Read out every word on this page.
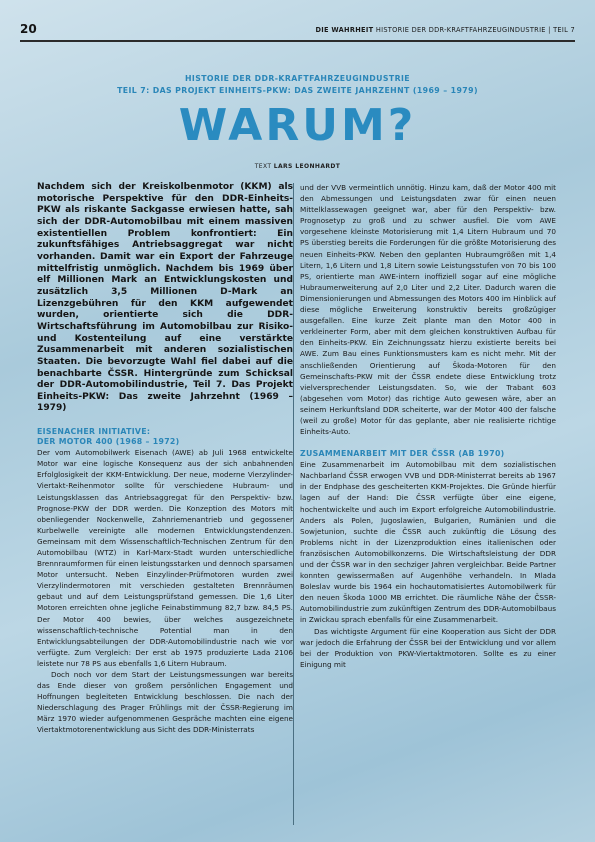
20	DIE WAHRHEIT HISTORIE DER DDR-KRAFTFAHRZEUGINDUSTRIE | TEIL 7
HISTORIE DER DDR-KRAFTFAHRZEUGINDUSTRIE
TEIL 7: DAS PROJEKT EINHEITS-PKW: DAS ZWEITE JAHRZEHNT (1969 – 1979)
WARUM?
TEXT LARS LEONHARDT

Nachdem sich der Kreiskolbenmotor (KKM) als motorische Perspektive für den DDR-Einheits-PKW als riskante Sackgasse erwiesen hatte, sah sich der DDR-Automobilbau mit einem massiven existentiellen Problem konfrontiert: Ein zukunftsfähiges Antriebsaggregat war nicht vorhanden. Damit war ein Export der Fahrzeuge mittelfristig unmöglich. Nachdem bis 1969 über elf Millionen Mark an Entwicklungskosten und zusätzlich 3,5 Millionen D-Mark an Lizenzgebühren für den KKM aufgewendet wurden, orientierte sich die DDR-Wirtschaftsführung im Automobilbau zur Risiko- und Kostenteilung auf eine verstärkte Zusammenarbeit mit anderen sozialistischen Staaten. Die bevorzugte Wahl fiel dabei auf die benachbarte ČSSR. Hintergründe zum Schicksal der DDR-Automobilindustrie, Teil 7. Das Projekt Einheits-PKW: Das zweite Jahrzehnt (1969 – 1979)

EISENACHER INITIATIVE:
DER MOTOR 400 (1968 – 1972)

Der vom Automobilwerk Eisenach (AWE) ab Juli 1968 entwickelte Motor war eine logische Konsequenz aus der sich anbahnenden Erfolglosigkeit der KKM-Entwicklung. Der neue, moderne Vierzylinder-Viertakt-Reihenmotor sollte für verschiedene Hubraum- und Leistungsklassen das Antriebsaggregat für den Perspektiv- bzw. Prognose-PKW der DDR werden. Die Konzeption des Motors mit obenliegender Nockenwelle, Zahnriemenantrieb und gegossener Kurbelwelle vereinigte alle modernen Entwicklungstendenzen. Gemeinsam mit dem Wissenschaftlich-Technischen Zentrum für den Automobilbau (WTZ) in Karl-Marx-Stadt wurden unterschiedliche Brennraumformen für einen leistungsstarken und dennoch sparsamen Motor untersucht. Neben Einzylinder-Prüfmotoren wurden zwei Vierzylindermotoren mit verschieden gestalteten Brennräumen gebaut und auf dem Leistungsprüfstand gemessen. Die 1,6 Liter Motoren erreichten ohne jegliche Feinabstimmung 82,7 bzw. 84,5 PS. Der Motor 400 bewies, über welches ausgezeichnete wissenschaftlich-technische Potential man in den Entwicklungsabteilungen der DDR-Automobilindustrie nach wie vor verfügte. Zum Vergleich: Der erst ab 1975 produzierte Lada 2106 leistete nur 78 PS aus ebenfalls 1,6 Litern Hubraum.

Doch noch vor dem Start der Leistungsmessungen war bereits das Ende dieser von großem persönlichen Engagement und Hoffnungen begleiteten Entwicklung beschlossen. Die nach der Niederschlagung des Prager Frühlings mit der ČSSR-Regierung im März 1970 wieder aufgenommenen Gespräche machten eine eigene Viertaktmotorenentwicklung aus Sicht des DDR-Ministerrats

und der VVB vermeintlich unnötig. Hinzu kam, daß der Motor 400 mit den Abmessungen und Leistungsdaten zwar für einen neuen Mittelklassewagen geeignet war, aber für den Perspektiv- bzw. Prognosetyp zu groß und zu schwer ausfiel. Die vom AWE vorgesehene kleinste Motorisierung mit 1,4 Litern Hubraum und 70 PS überstieg bereits die Forderungen für die größte Motorisierung des neuen Einheits-PKW. Neben den geplanten Hubraumgrößen mit 1,4 Litern, 1,6 Litern und 1,8 Litern sowie Leistungsstufen von 70 bis 100 PS, orientierte man AWE-intern inoffiziell sogar auf eine mögliche Hubraumerweiterung auf 2,0 Liter und 2,2 Liter. Dadurch waren die Dimensionierungen und Abmessungen des Motors 400 im Hinblick auf diese mögliche Erweiterung konstruktiv bereits großzügiger ausgefallen. Eine kurze Zeit plante man den Motor 400 in verkleinerter Form, aber mit dem gleichen konstruktiven Aufbau für den Einheits-PKW. Ein Zeichnungssatz hierzu existierte bereits bei AWE. Zum Bau eines Funktionsmusters kam es nicht mehr. Mit der anschließenden Orientierung auf Škoda-Motoren für den Gemeinschafts-PKW mit der ČSSR endete diese Entwicklung trotz vielversprechender Leistungsdaten. So, wie der Trabant 603 (abgesehen vom Motor) das richtige Auto gewesen wäre, aber an seinem Herkunftsland DDR scheiterte, war der Motor 400 der falsche (weil zu große) Motor für das geplante, aber nie realisierte richtige Einheits-Auto.

ZUSAMMENARBEIT MIT DER ČSSR (AB 1970)

Eine Zusammenarbeit im Automobilbau mit dem sozialistischen Nachbarland ČSSR erwogen VVB und DDR-Ministerrat bereits ab 1967 in der Endphase des gescheiterten KKM-Projektes. Die Gründe hierfür lagen auf der Hand: Die ČSSR verfügte über eine eigene, hochentwickelte und auch im Export erfolgreiche Automobilindustrie. Anders als Polen, Jugoslawien, Bulgarien, Rumänien und die Sowjetunion, suchte die ČSSR auch zukünftig die Lösung des Problems nicht in der Lizenzproduktion eines italienischen oder französischen Automobilkonzerns. Die Wirtschaftsleistung der DDR und der ČSSR war in den sechziger Jahren vergleichbar. Beide Partner konnten gewissermaßen auf Augenhöhe verhandeln. In Mlada Boleslav wurde bis 1964 ein hochautomatisiertes Automobilwerk für den neuen Škoda 1000 MB errichtet. Die räumliche Nähe der ČSSR-Automobilindustrie zum zukünftigen Zentrum des DDR-Automobilbaus in Zwickau sprach ebenfalls für eine Zusammenarbeit.

Das wichtigste Argument für eine Kooperation aus Sicht der DDR war jedoch die Erfahrung der ČSSR bei der Entwicklung und vor allem bei der Produktion von PKW-Viertaktmotoren. Sollte es zu einer Einigung mit
